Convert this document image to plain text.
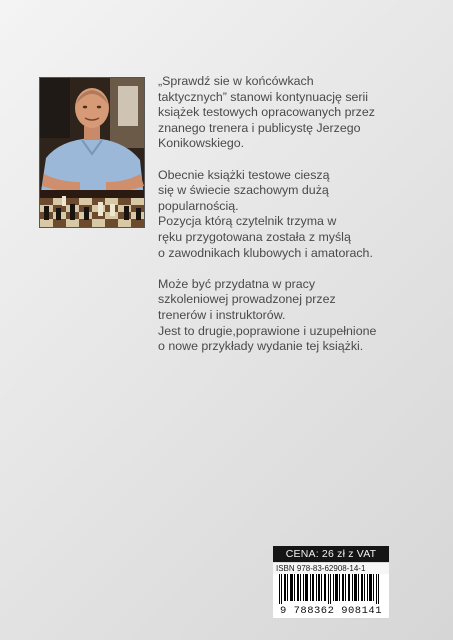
„Sprawdź sie w końcówkach
taktycznych” stanowi kontynuację serii
książek testowych opracowanych przez
znanego trenera i publicystę Jerzego
Konikowskiego.

Obecnie książki testowe cieszą
się w świecie szachowym dużą
popularnością.
Pozycja którą czytelnik trzyma w
ręku przygotowana została z myślą
o zawodnikach klubowych i amatorach.

Może być przydatna w pracy
szkoleniowej prowadzonej przez
trenerów i instruktorów.
Jest to drugie,poprawione i uzupełnione
o nowe przykłady wydanie tej książki.

CENA: 26 zł z VAT
ISBN 978-83-62908-14-1
9 788362 908141
